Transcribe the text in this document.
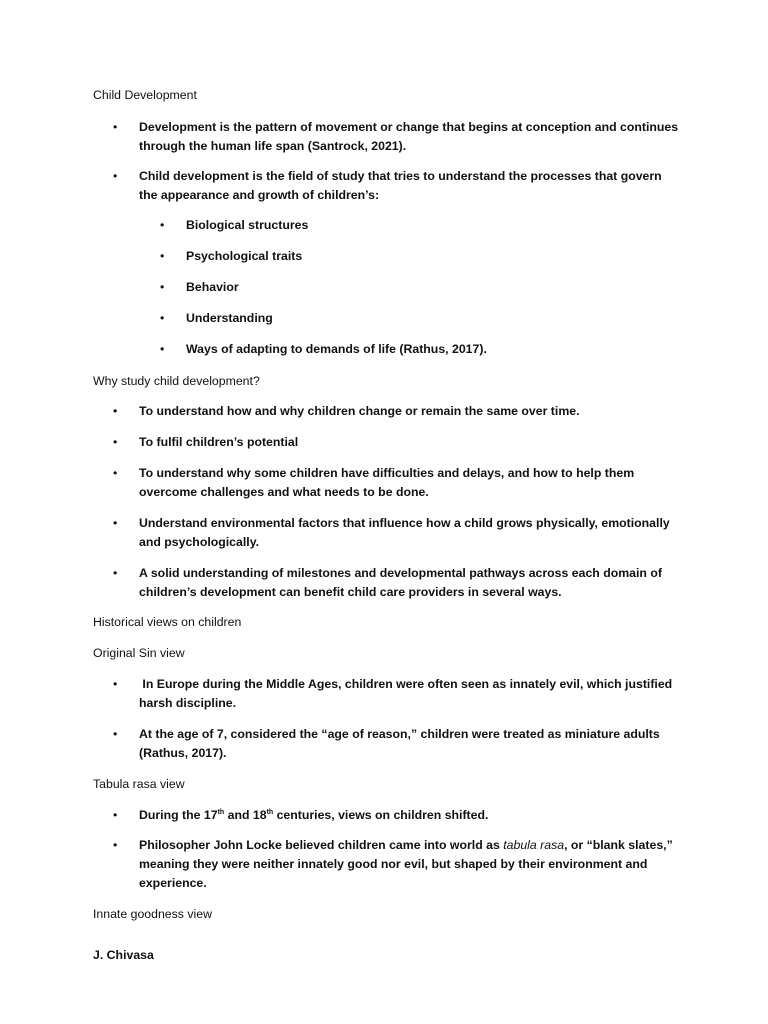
Child Development

•	Development is the pattern of movement or change that begins at conception and continues through the human life span (Santrock, 2021).
•	Child development is the field of study that tries to understand the processes that govern the appearance and growth of children’s:
•	Biological structures
•	Psychological traits
•	Behavior
•	Understanding
•	Ways of adapting to demands of life (Rathus, 2017).

Why study child development?

•	To understand how and why children change or remain the same over time.
•	To fulfil children’s potential
•	To understand why some children have difficulties and delays, and how to help them overcome challenges and what needs to be done.
•	Understand environmental factors that influence how a child grows physically, emotionally and psychologically.
•	A solid understanding of milestones and developmental pathways across each domain of children’s development can benefit child care providers in several ways.

Historical views on children

Original Sin view

•	In Europe during the Middle Ages, children were often seen as innately evil, which justified harsh discipline.
•	At the age of 7, considered the “age of reason,” children were treated as miniature adults (Rathus, 2017).

Tabula rasa view

•	During the 17th and 18th centuries, views on children shifted.
•	Philosopher John Locke believed children came into world as tabula rasa, or “blank slates,” meaning they were neither innately good nor evil, but shaped by their environment and experience.

Innate goodness view

J. Chivasa
